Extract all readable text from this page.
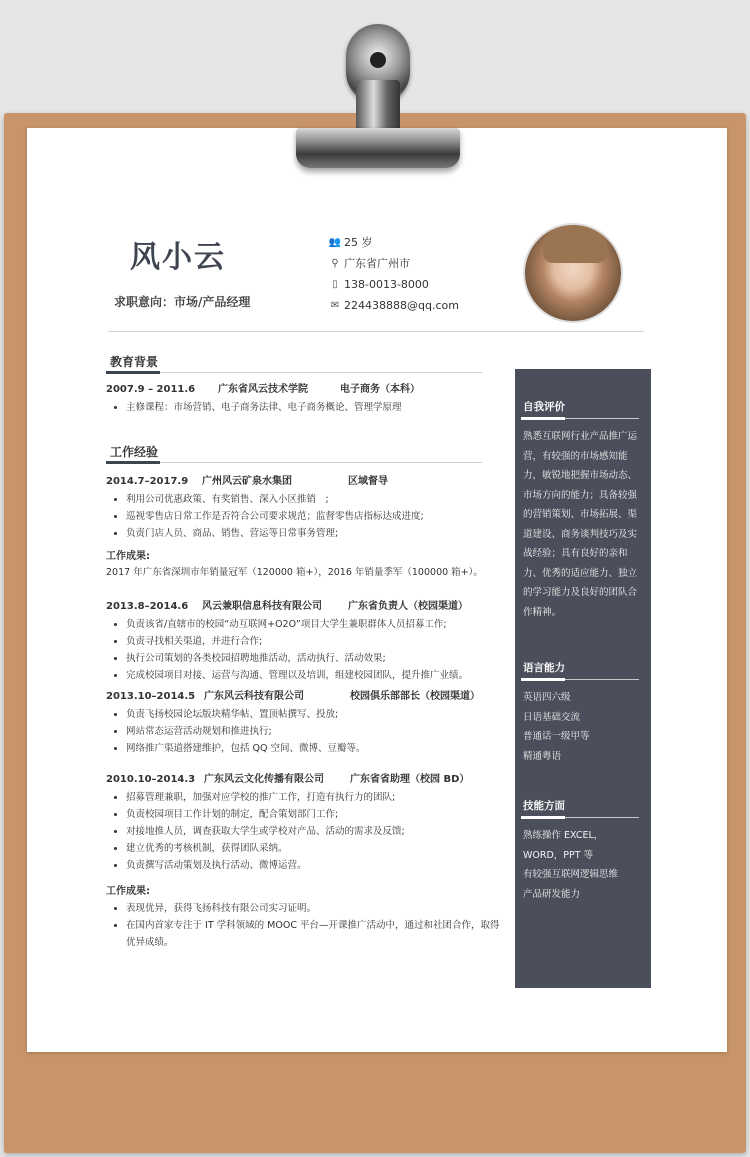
风小云
求职意向：市场/产品经理
👥 25 岁
⚲ 广东省广州市
▯ 138-0013-8000
✉ 224438888@qq.com
教育背景
2007.9 – 2011.6	广东省风云技术学院	电子商务（本科）
• 主修课程：市场营销、电子商务法律、电子商务概论、管理学原理
工作经验
2014.7–2017.9	广州风云矿泉水集团	区域督导
• 利用公司优惠政策、有奖销售、深入小区推销　;
• 巡视零售店日常工作是否符合公司要求规范；监督零售店指标达成进度;
• 负责门店人员、商品、销售、营运等日常事务管理;
工作成果:
2017 年广东省深圳市年销量冠军（120000 箱+），2016 年销量季军（100000 箱+）。
2013.8–2014.6	风云兼职信息科技有限公司	广东省负责人（校园渠道）
• 负责该省/直辖市的校园“动互联网+O2O”项目大学生兼职群体人员招募工作;
• 负责寻找相关渠道，并进行合作;
• 执行公司策划的各类校园招聘地推活动，活动执行、活动效果;
• 完成校园项目对接、运营与沟通、管理以及培训，组建校园团队，提升推广业绩。
2013.10–2014.5 广东风云科技有限公司	校园俱乐部部长（校园渠道）
• 负责飞扬校园论坛版块精华帖、置顶帖撰写、投放;
• 网站常态运营活动规划和推进执行;
• 网络推广渠道搭建维护，包括 QQ 空间、微博、豆瓣等。
2010.10–2014.3 广东风云文化传播有限公司	广东省省助理（校园 BD）
• 招募管理兼职，加强对应学校的推广工作，打造有执行力的团队;
• 负责校园项目工作计划的制定，配合策划部门工作;
• 对接地推人员，调查获取大学生或学校对产品、活动的需求及反馈;
• 建立优秀的考核机制，获得团队采纳。
• 负责撰写活动策划及执行活动、微博运营。
工作成果:
• 表现优异，获得飞扬科技有限公司实习证明。
• 在国内首家专注于 IT 学科领域的 MOOC 平台—开课推广活动中，通过和社团合作，取得优异成绩。
自我评价
熟悉互联网行业产品推广运营，有较强的市场感知能力，敏锐地把握市场动态、市场方向的能力；具备较强的营销策划、市场拓展、渠道建设、商务谈判技巧及实战经验；具有良好的亲和力、优秀的适应能力、独立的学习能力及良好的团队合作精神。
语言能力
英语四六级
日语基础交流
普通话一级甲等
精通粤语
技能方面
熟练操作 EXCEL，WORD，PPT 等
有较强互联网逻辑思维
产品研发能力
